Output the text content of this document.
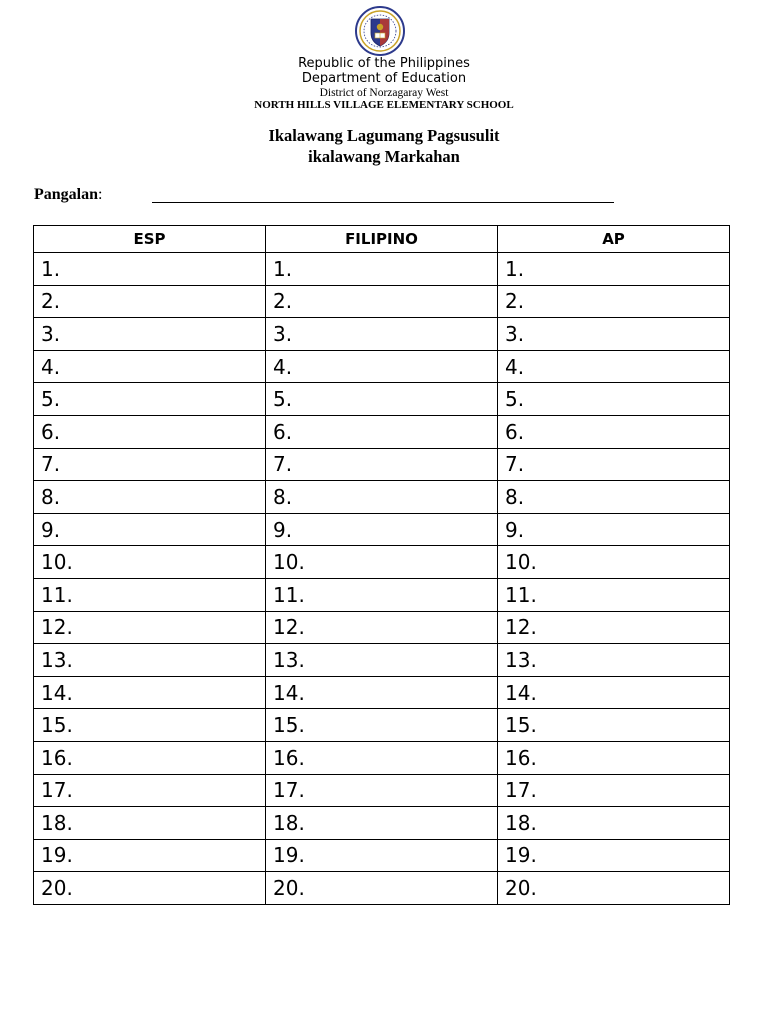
Republic of the Philippines
Department of Education
District of Norzagaray West
NORTH HILLS VILLAGE ELEMENTARY SCHOOL
Ikalawang Lagumang Pagsusulit
ikalawang Markahan
Pangalan:
ESP	FILIPINO	AP
1.	1.	1.
2.	2.	2.
3.	3.	3.
4.	4.	4.
5.	5.	5.
6.	6.	6.
7.	7.	7.
8.	8.	8.
9.	9.	9.
10.	10.	10.
11.	11.	11.
12.	12.	12.
13.	13.	13.
14.	14.	14.
15.	15.	15.
16.	16.	16.
17.	17.	17.
18.	18.	18.
19.	19.	19.
20.	20.	20.
